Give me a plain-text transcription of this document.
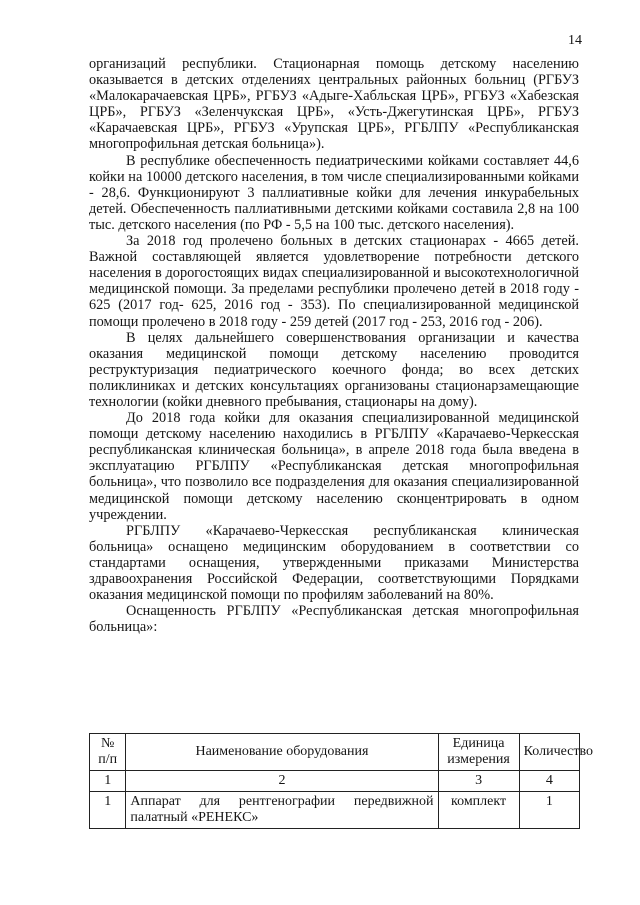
14

организаций республики. Стационарная помощь детскому населению оказывается в детских отделениях центральных районных больниц (РГБУЗ «Малокарачаевская ЦРБ», РГБУЗ «Адыге-Хабльская ЦРБ», РГБУЗ «Хабезская ЦРБ», РГБУЗ «Зеленчукская ЦРБ», «Усть-Джегутинская ЦРБ», РГБУЗ «Карачаевская ЦРБ», РГБУЗ «Урупская ЦРБ», РГБЛПУ «Республиканская многопрофильная детская больница»).

В республике обеспеченность педиатрическими койками составляет 44,6 койки на 10000 детского населения, в том числе специализированными койками - 28,6. Функционируют 3 паллиативные койки для лечения инкурабельных детей. Обеспеченность паллиативными детскими койками составила 2,8 на 100 тыс. детского населения (по РФ - 5,5 на 100 тыс. детского населения).

За 2018 год пролечено больных в детских стационарах - 4665 детей. Важной составляющей является удовлетворение потребности детского населения в дорогостоящих видах специализированной и высокотехнологичной медицинской помощи. За пределами республики пролечено детей в 2018 году - 625 (2017 год- 625, 2016 год - 353). По специализированной медицинской помощи пролечено в 2018 году - 259 детей (2017 год - 253, 2016 год - 206).

В целях дальнейшего совершенствования организации и качества оказания медицинской помощи детскому населению проводится реструктуризация педиатрического коечного фонда; во всех детских поликлиниках и детских консультациях организованы стационарзамещающие технологии (койки дневного пребывания, стационары на дому).

До 2018 года койки для оказания специализированной медицинской помощи детскому населению находились в РГБЛПУ «Карачаево-Черкесская республиканская клиническая больница», в апреле 2018 года была введена в эксплуатацию РГБЛПУ «Республиканская детская многопрофильная больница», что позволило все подразделения для оказания специализированной медицинской помощи детскому населению сконцентрировать в одном учреждении.

РГБЛПУ «Карачаево-Черкесская республиканская клиническая больница» оснащено медицинским оборудованием в соответствии со стандартами оснащения, утвержденными приказами Министерства здравоохранения Российской Федерации, соответствующими Порядками оказания медицинской помощи по профилям заболеваний на 80%.

Оснащенность РГБЛПУ «Республиканская детская многопрофильная больница»:

№ п/п	Наименование оборудования	Единица измерения	Количество
1	2	3	4
1	Аппарат для рентгенографии передвижной палатный «РЕНЕКС»	комплект	1
